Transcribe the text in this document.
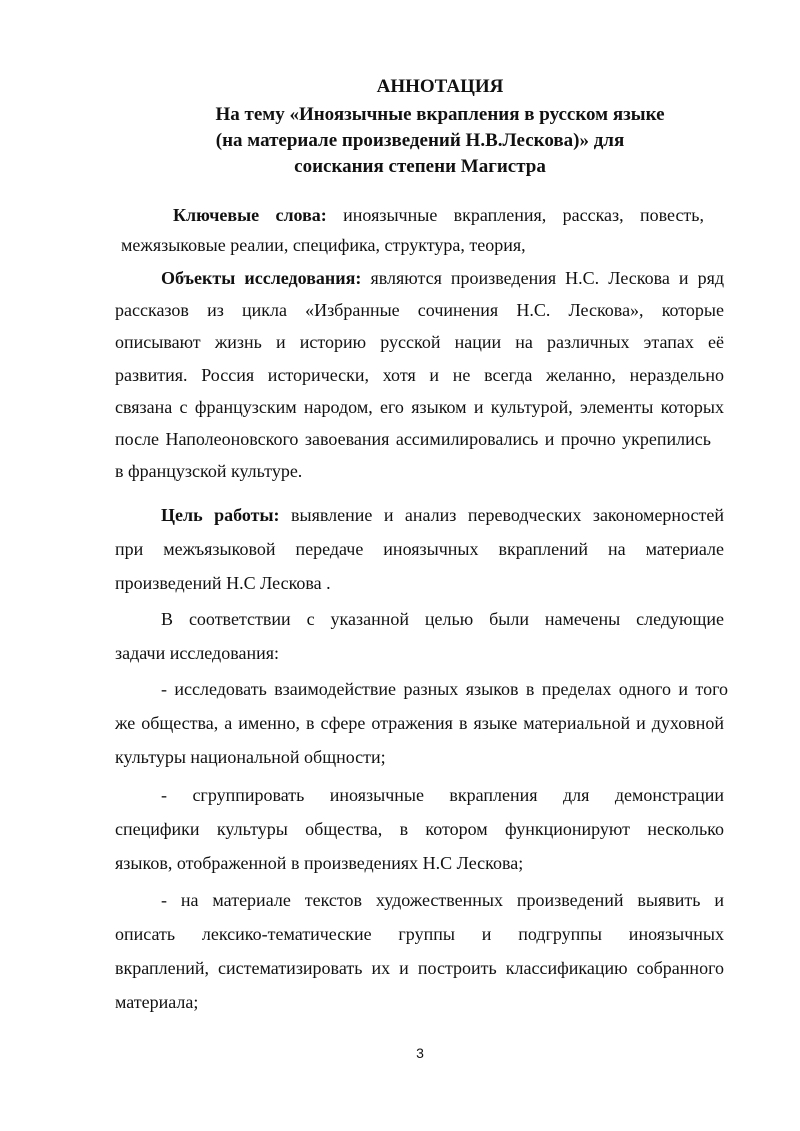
АННОТАЦИЯ
На тему «Иноязычные вкрапления в русском языке
(на материале произведений Н.В.Лескова)» для
соискания степени Магистра
Ключевые слова: иноязычные вкрапления, рассказ, повесть,
межязыковые реалии, специфика, структура, теория,
Объекты исследования: являются произведения Н.С. Лескова и ряд
рассказов из цикла «Избранные сочинения Н.С. Лескова», которые
описывают жизнь и историю русской нации на различных этапах её
развития. Россия исторически, хотя и не всегда желанно, нераздельно
связана с французским народом, его языком и культурой, элементы которых
после Наполеоновского завоевания ассимилировались и прочно укрепились
в французской культуре.
Цель работы: выявление и анализ переводческих закономерностей
при межъязыковой передаче иноязычных вкраплений на материале
произведений Н.С Лескова .
В соответствии с указанной целью были намечены следующие
задачи исследования:
- исследовать взаимодействие разных языков в пределах одного и того
же общества, а именно, в сфере отражения в языке материальной и духовной
культуры национальной общности;
- сгруппировать иноязычные вкрапления для демонстрации
специфики культуры общества, в котором функционируют несколько
языков, отображенной в произведениях Н.С Лескова;
- на материале текстов художественных произведений выявить и
описать лексико-тематические группы и подгруппы иноязычных
вкраплений, систематизировать их и построить классификацию собранного
материала;
3
